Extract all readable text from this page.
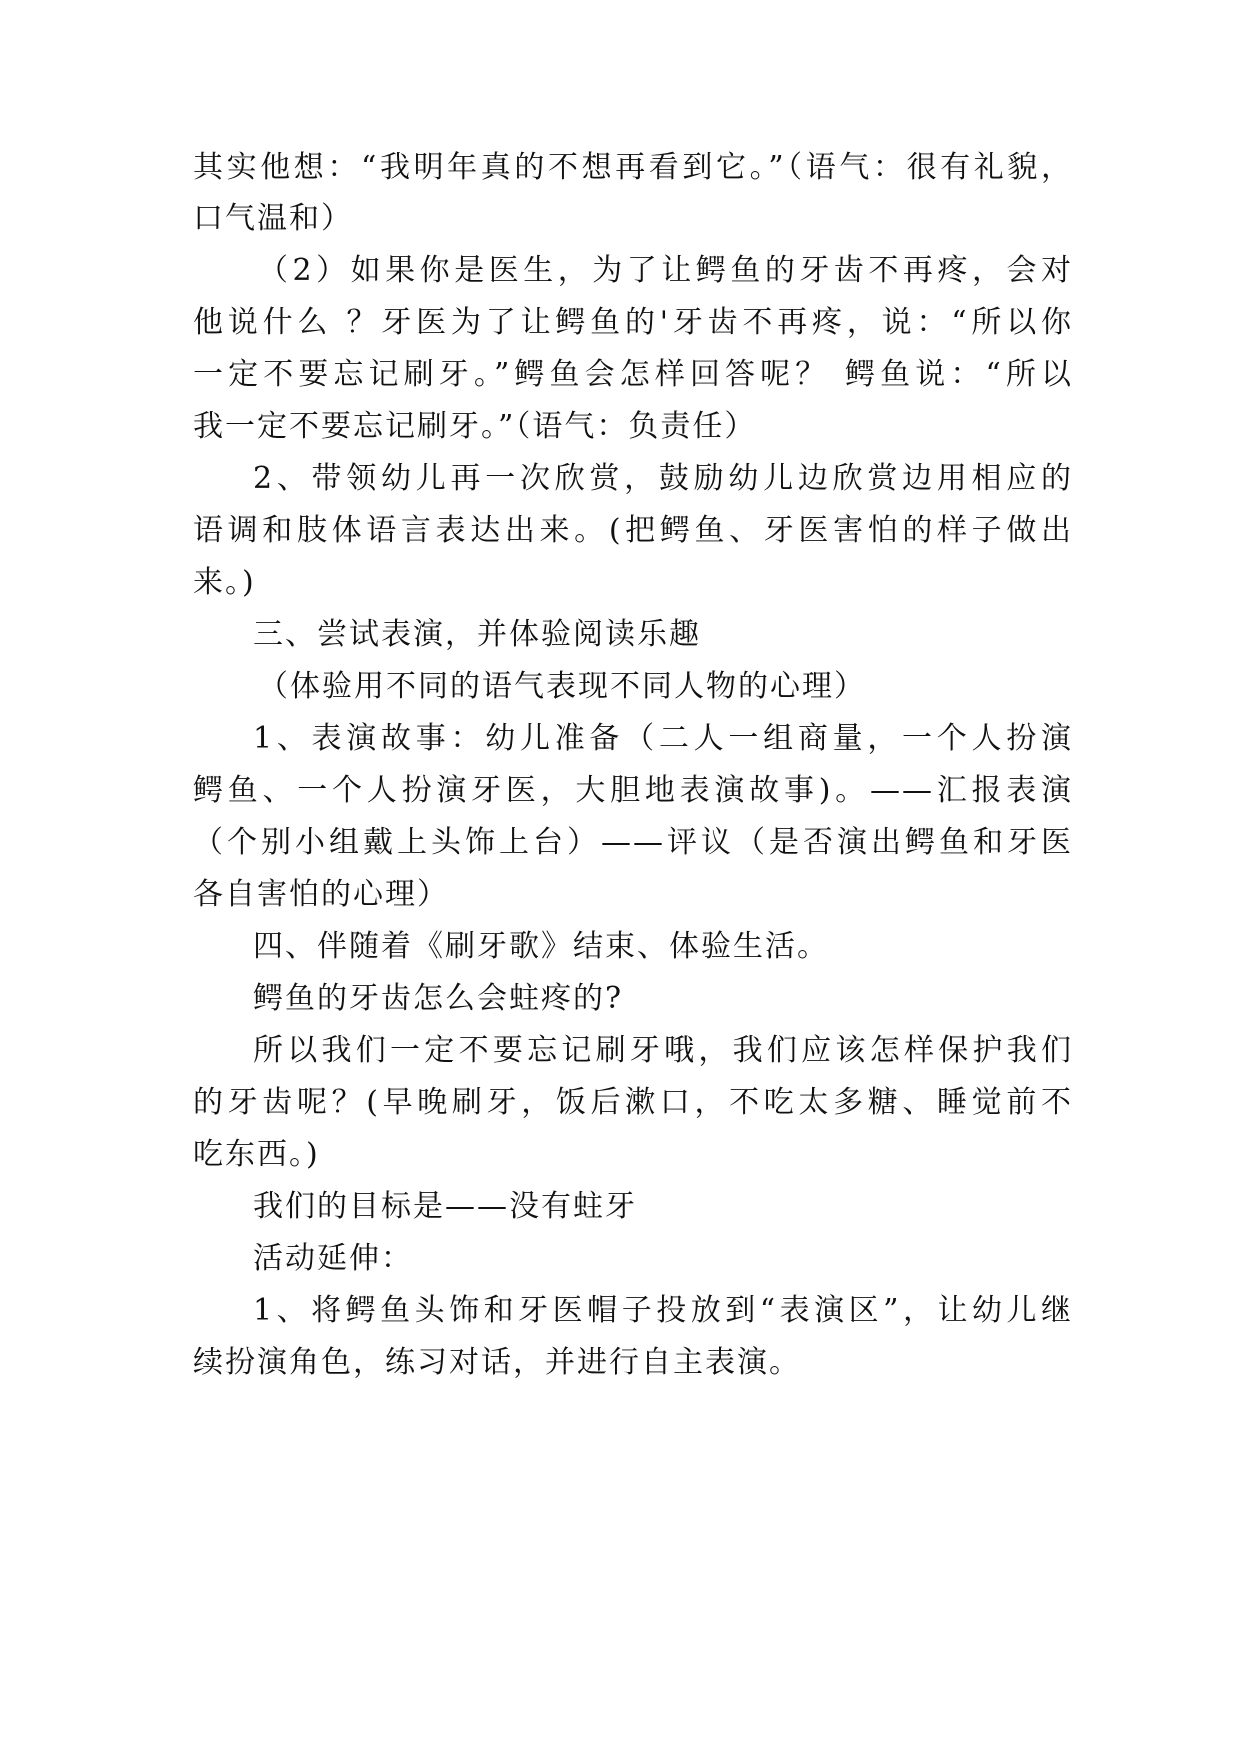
其实他想：“我明年真的不想再看到它。”（语气：很有礼貌，
口气温和）
（2）如果你是医生，为了让鳄鱼的牙齿不再疼，会对
他说什么 ？牙医为了让鳄鱼的'牙齿不再疼，说：“所以你
一定不要忘记刷牙。”鳄鱼会怎样回答呢？ 鳄鱼说：“所以
我一定不要忘记刷牙。”（语气：负责任）
2、带领幼儿再一次欣赏，鼓励幼儿边欣赏边用相应的
语调和肢体语言表达出来。(把鳄鱼、牙医害怕的样子做出
来。)
三、尝试表演，并体验阅读乐趣
（体验用不同的语气表现不同人物的心理）
1、表演故事：幼儿准备（二人一组商量，一个人扮演
鳄鱼、一个人扮演牙医，大胆地表演故事)。——汇报表演
（个别小组戴上头饰上台）——评议（是否演出鳄鱼和牙医
各自害怕的心理）
四、伴随着《刷牙歌》结束、体验生活。
鳄鱼的牙齿怎么会蛀疼的?
所以我们一定不要忘记刷牙哦，我们应该怎样保护我们
的牙齿呢？(早晚刷牙，饭后漱口，不吃太多糖、睡觉前不
吃东西。)
我们的目标是——没有蛀牙
活动延伸：
1、将鳄鱼头饰和牙医帽子投放到“表演区”，让幼儿继
续扮演角色，练习对话，并进行自主表演。
